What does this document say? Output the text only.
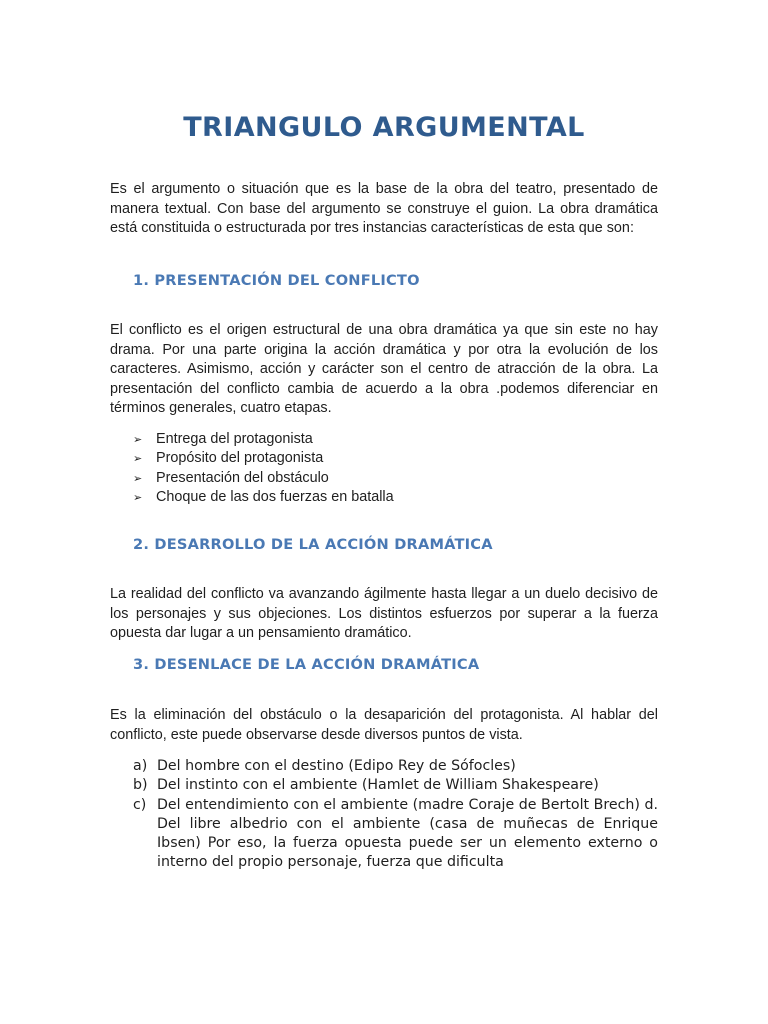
TRIANGULO ARGUMENTAL

Es el argumento o situación que es la base de la obra del teatro, presentado de manera textual. Con base del argumento se construye el guion. La obra dramática está constituida o estructurada por tres instancias características de esta que son:

1. PRESENTACIÓN DEL CONFLICTO

El conflicto es el origen estructural de una obra dramática ya que sin este no hay drama. Por una parte origina la acción dramática y por otra la evolución de los caracteres. Asimismo, acción y carácter son el centro de atracción de la obra. La presentación del conflicto cambia de acuerdo a la obra .podemos diferenciar en términos generales, cuatro etapas.

➢ Entrega del protagonista
➢ Propósito del protagonista
➢ Presentación del obstáculo
➢ Choque de las dos fuerzas en batalla
2. DESARROLLO DE LA ACCIÓN DRAMÁTICA

La realidad del conflicto va avanzando ágilmente hasta llegar a un duelo decisivo de los personajes y sus objeciones. Los distintos esfuerzos por superar a la fuerza opuesta dar lugar a un pensamiento dramático.

3. DESENLACE DE LA ACCIÓN DRAMÁTICA

Es la eliminación del obstáculo o la desaparición del protagonista. Al hablar del conflicto, este puede observarse desde diversos puntos de vista.

a) Del hombre con el destino (Edipo Rey de Sófocles)
b) Del instinto con el ambiente (Hamlet de William Shakespeare)
c) Del entendimiento con el ambiente (madre Coraje de Bertolt Brech) d. Del libre albedrio con el ambiente (casa de muñecas de Enrique Ibsen) Por eso, la fuerza opuesta puede ser un elemento externo o interno del propio personaje, fuerza que dificulta
